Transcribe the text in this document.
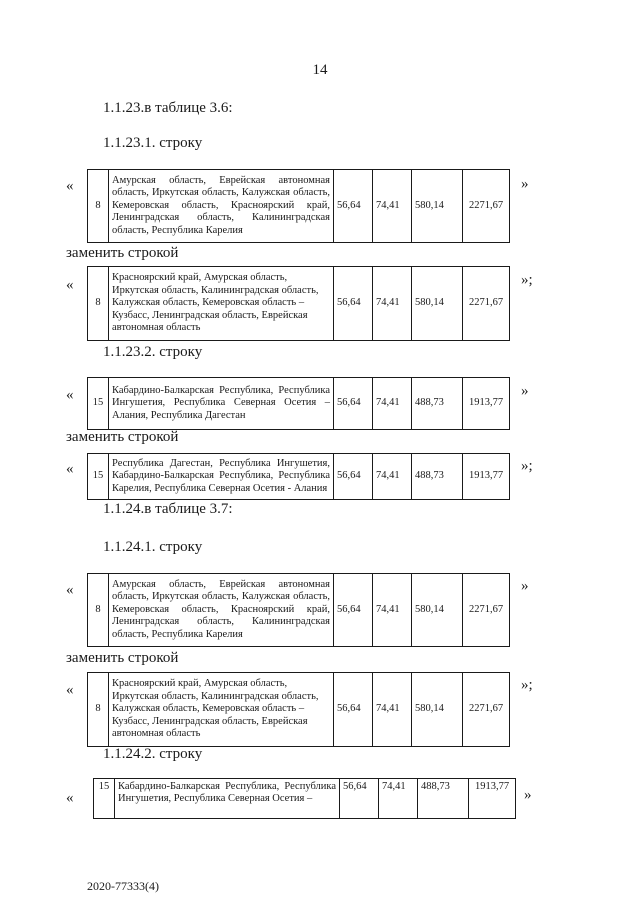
14
1.1.23.в таблице 3.6:
1.1.23.1. строку
«
8	Амурская область, Еврейская автономная область, Иркутская область, Калужская область, Кемеровская область, Красноярский край, Ленинградская область, Калининградская область, Республика Карелия	56,64	74,41	580,14	2271,67
»
заменить строкой
«
8	Красноярский край, Амурская область, Иркутская область, Калининградская область, Калужская область, Кемеровская область – Кузбасс, Ленинградская область, Еврейская автономная область	56,64	74,41	580,14	2271,67
»;
1.1.23.2. строку
« 15	Кабардино-Балкарская Республика, Республика Ингушетия, Республика Северная Осетия – Алания, Республика Дагестан	56,64	74,41	488,73	1913,77
»
заменить строкой
« 15	Республика Дагестан, Республика Ингушетия, Кабардино-Балкарская Республика, Республика Карелия, Республика Северная Осетия - Алания	56,64	74,41	488,73	1913,77
»;
1.1.24.в таблице 3.7:
1.1.24.1. строку
«
8	Амурская область, Еврейская автономная область, Иркутская область, Калужская область, Кемеровская область, Красноярский край, Ленинградская область, Калининградская область, Республика Карелия	56,64	74,41	580,14	2271,67
»
заменить строкой
«
8	Красноярский край, Амурская область, Иркутская область, Калининградская область, Калужская область, Кемеровская область – Кузбасс, Ленинградская область, Еврейская автономная область	56,64	74,41	580,14	2271,67
»;
1.1.24.2. строку
«
15	Кабардино-Балкарская Республика, Республика Ингушетия, Республика Северная Осетия –	56,64	74,41	488,73	1913,77
»
2020-77333(4)
